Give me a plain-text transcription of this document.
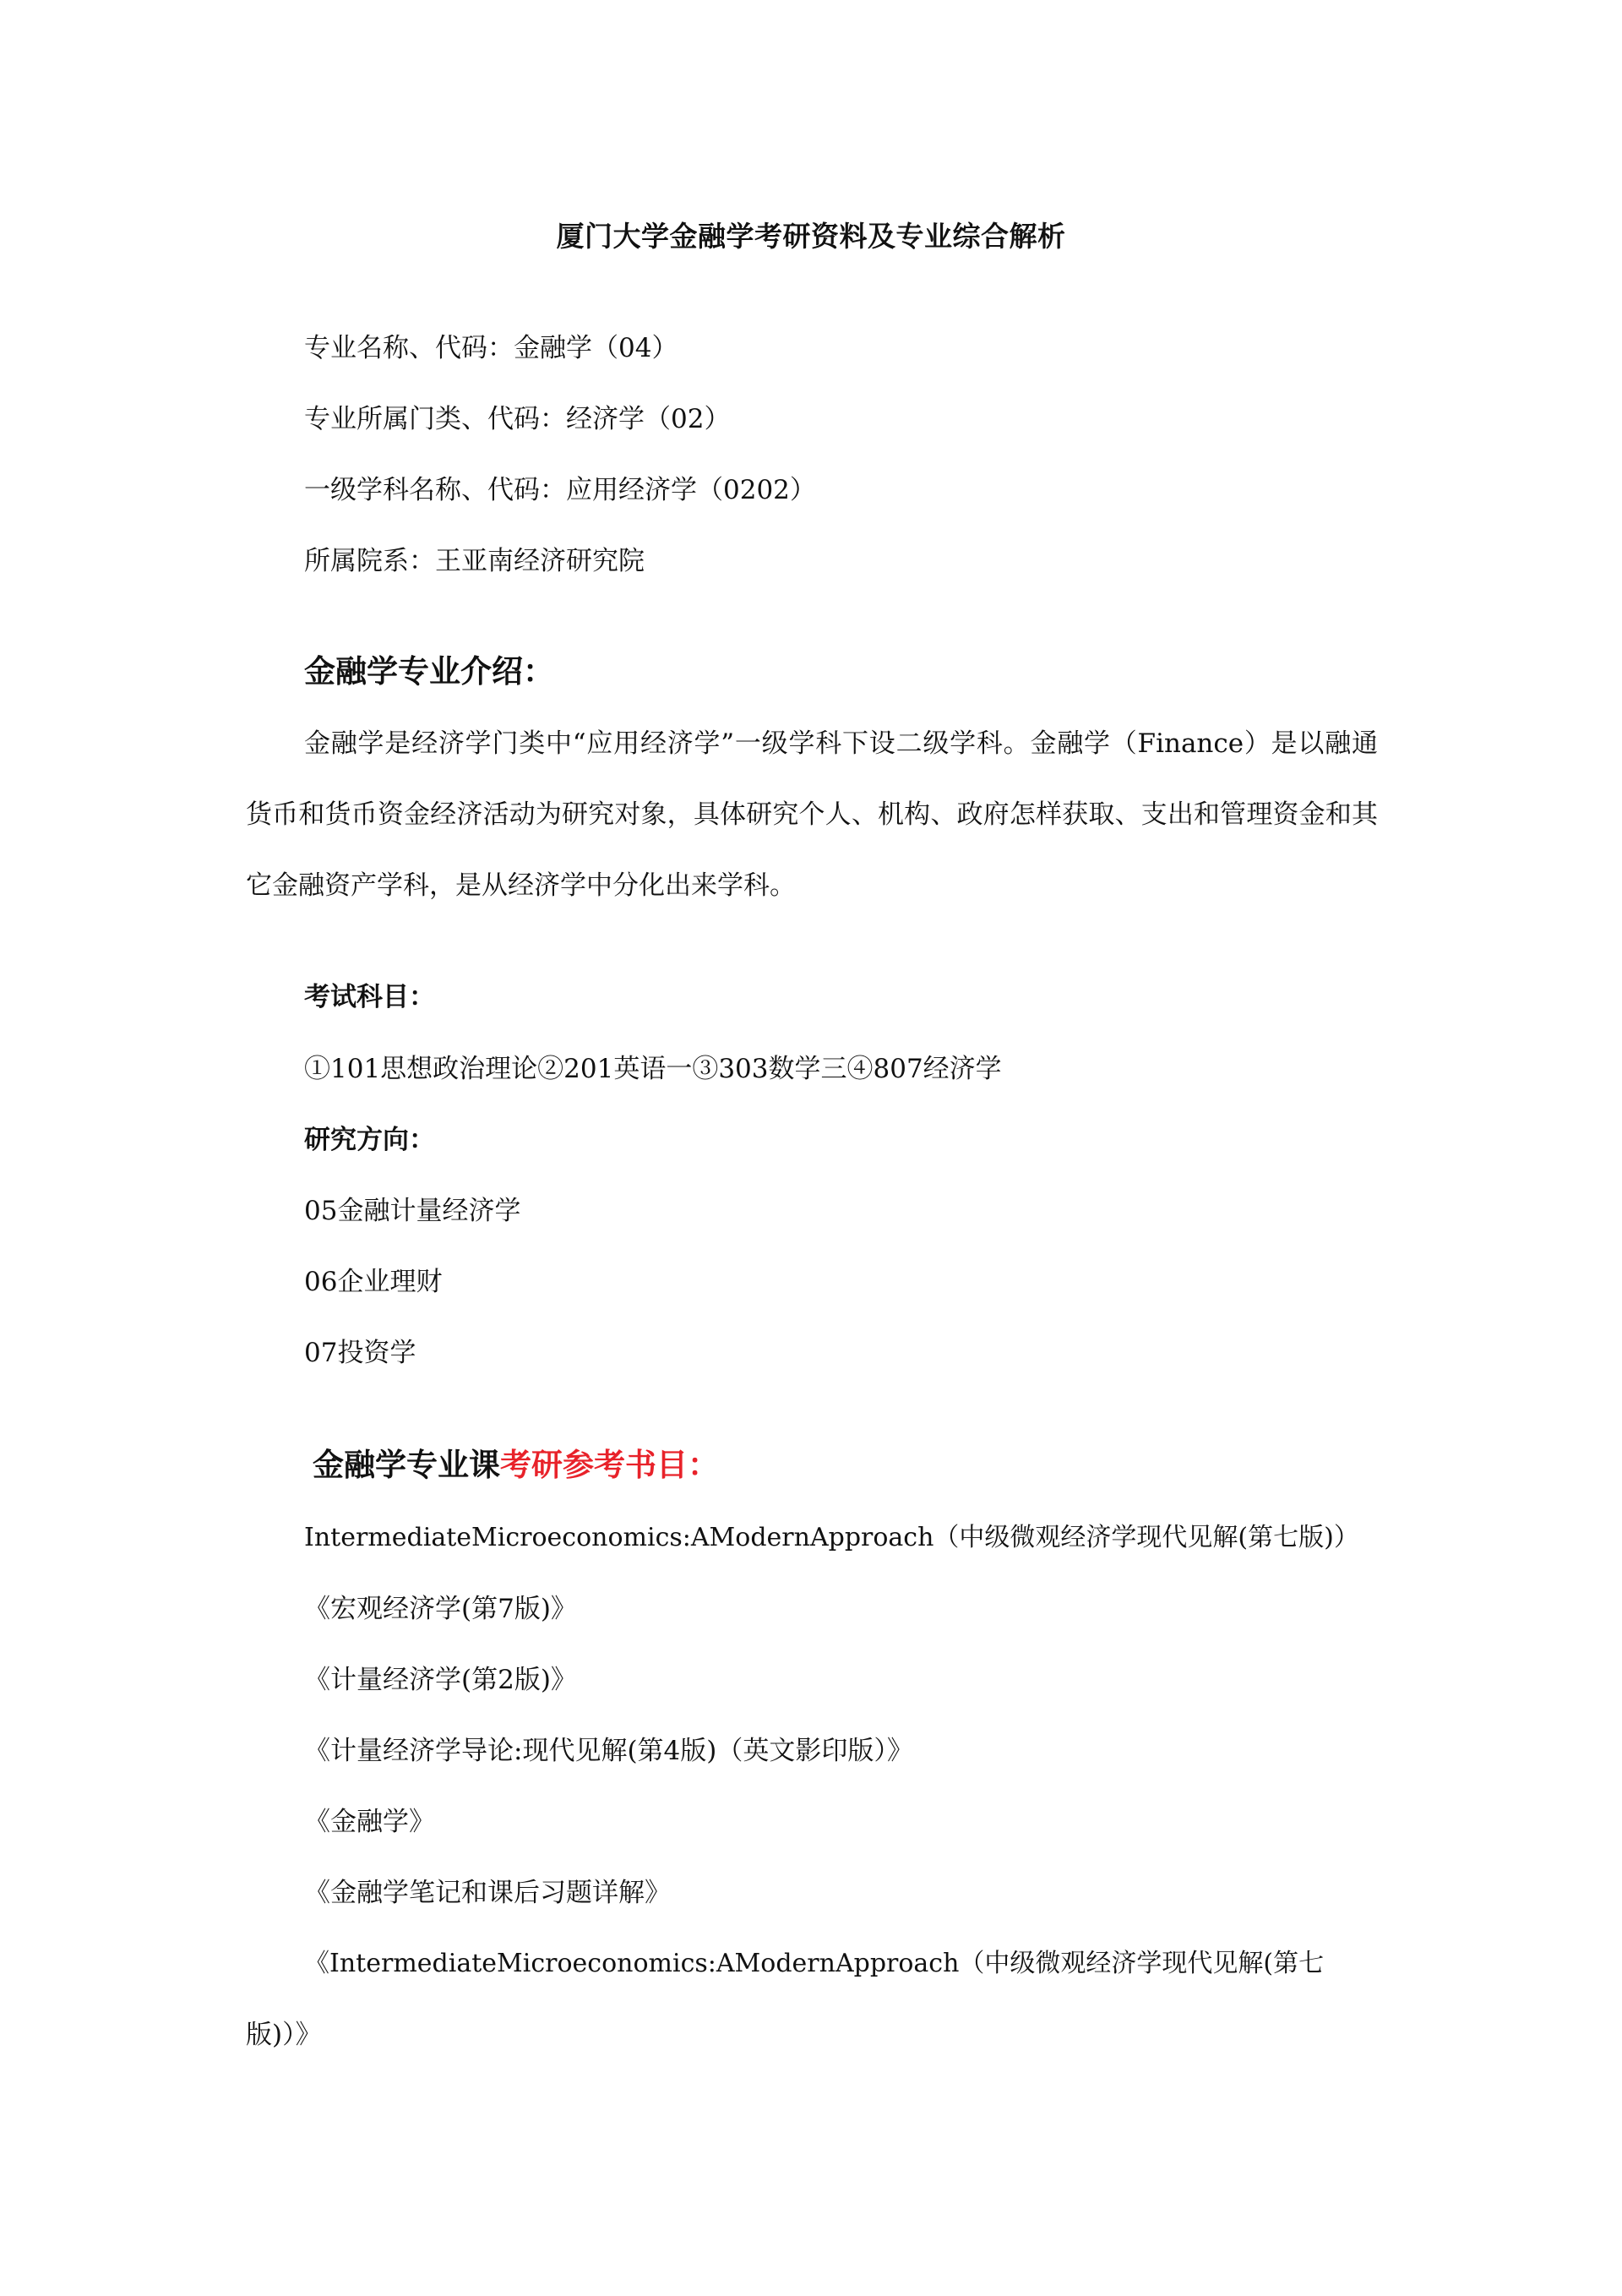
厦门大学金融学考研资料及专业综合解析
专业名称、代码：金融学（04）
专业所属门类、代码：经济学（02）
一级学科名称、代码：应用经济学（0202）
所属院系：王亚南经济研究院
金融学专业介绍：
金融学是经济学门类中“应用经济学”一级学科下设二级学科。金融学（Finance）是以融通货币和货币资金经济活动为研究对象，具体研究个人、机构、政府怎样获取、支出和管理资金和其它金融资产学科，是从经济学中分化出来学科。
考试科目：
①101思想政治理论②201英语一③303数学三④807经济学
研究方向：
05金融计量经济学
06企业理财
07投资学
金融学专业课考研参考书目：
IntermediateMicroeconomics:AModernApproach（中级微观经济学现代见解(第七版)）
《宏观经济学(第7版)》
《计量经济学(第2版)》
《计量经济学导论:现代见解(第4版)（英文影印版）》
《金融学》
《金融学笔记和课后习题详解》
《IntermediateMicroeconomics:AModernApproach（中级微观经济学现代见解(第七
版)）》
